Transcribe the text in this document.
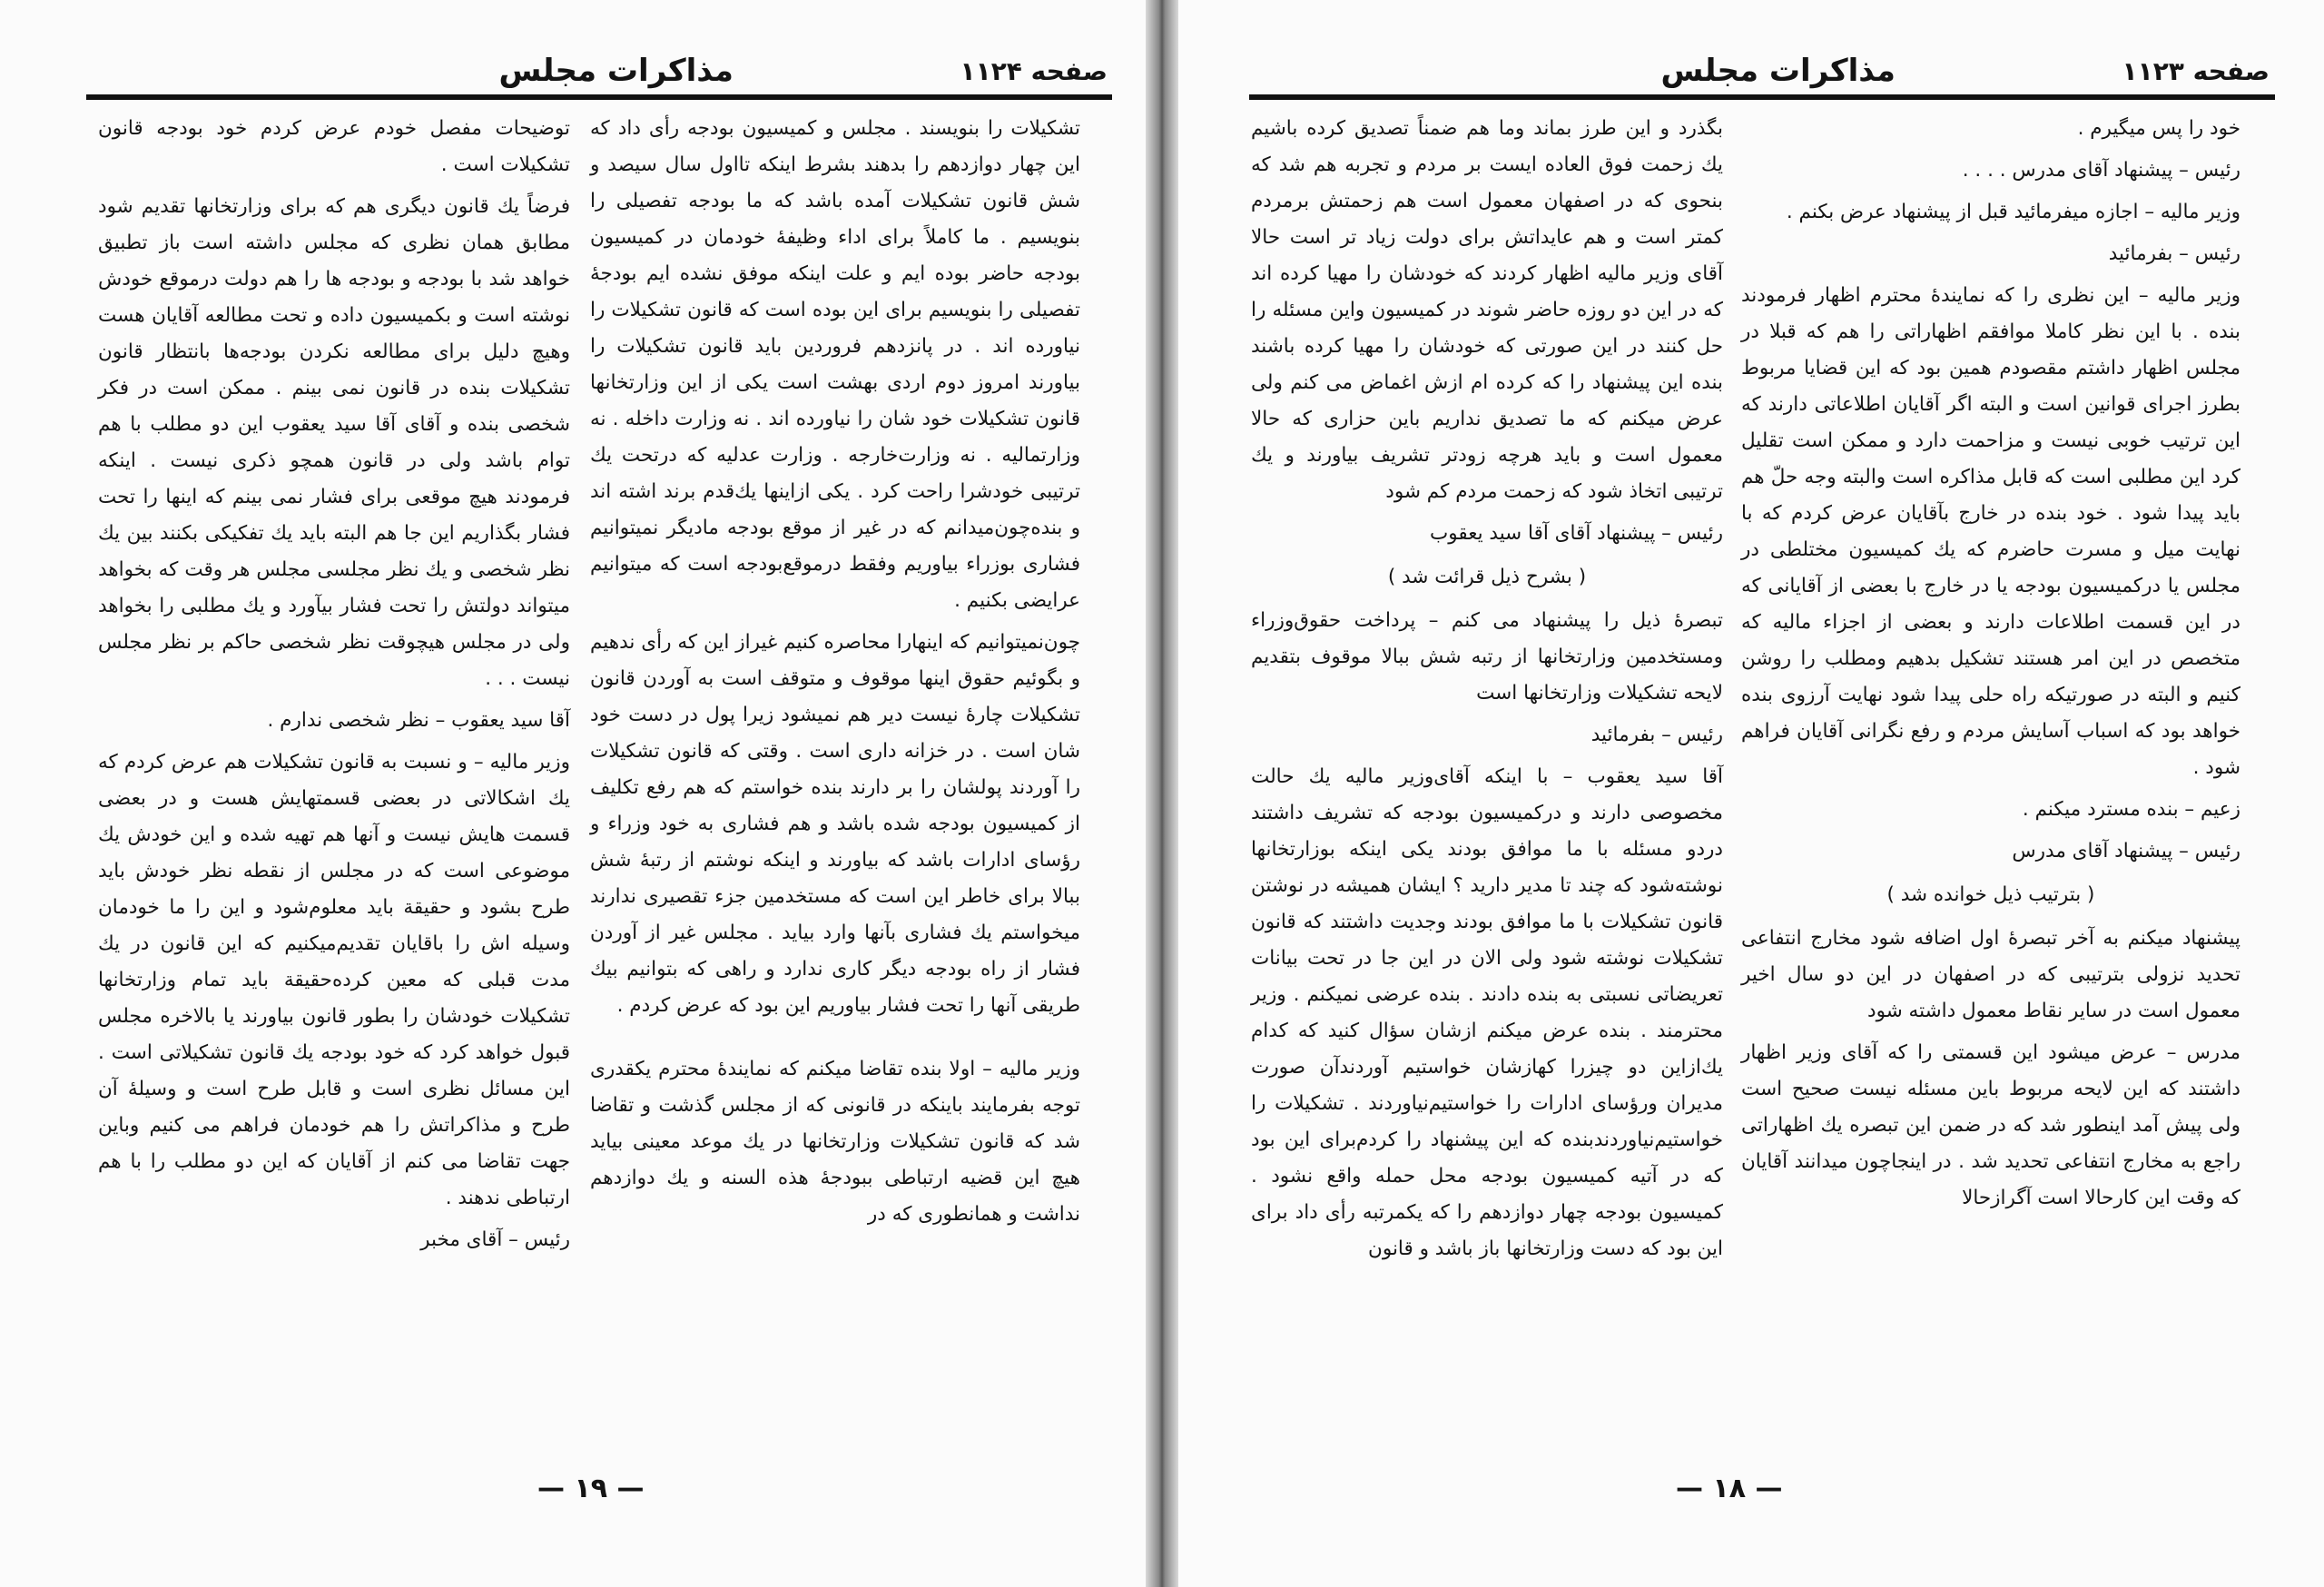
صفحه ۱۱۲۴
مذاکرات مجلس

تشکیلات را بنویسند . مجلس و کمیسیون بودجه رأی داد که این چهار دوازدهم را بدهند بشرط اینکه تااول سال سیصد و شش قانون تشکیلات آمده باشد که ما بودجه تفصیلی را بنویسیم . ما کاملاً برای اداء وظیفهٔ خودمان در کمیسیون بودجه حاضر بوده ایم و علت اینکه موفق نشده ایم بودجهٔ تفصیلی را بنویسیم برای این بوده است که قانون تشکیلات را نیاورده اند . در پانزدهم فروردین باید قانون تشکیلات را بیاورند امروز دوم اردی بهشت است یکی از این وزارتخانها قانون تشکیلات خود شان را نیاورده اند . نه وزارت داخله . نه وزارتمالیه . نه وزارت‌خارجه . وزارت عدلیه که درتحت یك ترتیبی خودشرا راحت کرد . یکی ازاینها یك‌قدم برند اشته اند و بنده‌چون‌میدانم که در غیر از موقع بودجه مادیگر نمیتوانیم فشاری بوزراء بیاوریم وفقط درموقع‌بودجه است که میتوانیم عرایضی بکنیم .

چون‌نمیتوانیم که اینهارا محاصره کنیم غیراز این که رأی ندهیم و بگوئیم حقوق اینها موقوف و متوقف است به آوردن قانون تشکیلات چارهٔ نیست دیر هم نمیشود زیرا پول در دست خود شان است . در خزانه داری است . وقتی که قانون تشکیلات را آوردند پولشان را بر دارند بنده خواستم که هم رفع تکلیف از کمیسیون بودجه شده باشد و هم فشاری به خود وزراء و رؤسای ادارات باشد که بیاورند و اینکه نوشتم از رتبهٔ شش ببالا برای خاطر این است که مستخدمین جزء تقصیری ندارند میخواستم یك فشاری بآنها وارد بیاید . مجلس غیر از آوردن فشار از راه بودجه دیگر کاری ندارد و راهی که بتوانیم بیك طریقی آنها را تحت فشار بیاوریم این بود که عرض کردم .

وزیر مالیه – اولا بنده تقاضا میکنم که نمایندهٔ محترم یکقدری توجه بفرمایند باینکه در قانونی که از مجلس گذشت و تقاضا شد که قانون تشکیلات وزارتخانها در یك موعد معینی بیاید هیچ این قضیه ارتباطی ببودجهٔ هذه السنه و یك دوازدهم نداشت و همانطوری که در

توضیحات مفصل خودم عرض کردم خود بودجه قانون تشکیلات است .

فرضاً یك قانون دیگری هم که برای وزارتخانها تقدیم شود مطابق همان نظری که مجلس داشته است باز تطبیق خواهد شد با بودجه و بودجه ها را هم دولت درموقع خودش نوشته است و بکمیسیون داده و تحت مطالعه آقایان هست وهیچ دلیل برای مطالعه نکردن بودجه‌ها بانتظار قانون تشکیلات بنده در قانون نمی بینم . ممکن است در فکر شخصی بنده و آقای آقا سید یعقوب این دو مطلب با هم توام باشد ولی در قانون همچو ذکری نیست . اینکه فرمودند هیچ موقعی برای فشار نمی بینم که اینها را تحت فشار بگذاریم این جا هم البته باید یك تفکیکی بکنند بین یك نظر شخصی و یك نظر مجلسی مجلس هر وقت که بخواهد میتواند دولتش را تحت فشار بیآورد و یك مطلبی را بخواهد ولی در مجلس هیچوقت نظر شخصی حاکم بر نظر مجلس نیست . . .

آقا سید یعقوب – نظر شخصی ندارم .

وزیر مالیه – و نسبت به قانون تشکیلات هم عرض کردم که یك اشکالاتی در بعضی قسمتهایش هست و در بعضی قسمت هایش نیست و آنها هم تهیه شده و این خودش یك موضوعی است که در مجلس از نقطه نظر خودش باید طرح بشود و حقیقة باید معلوم‌شود و این را ما خودمان وسیله اش را باقایان تقدیم‌میکنیم که این قانون در یك مدت قبلی که معین کرده‌حقیقة باید تمام وزارتخانها تشکیلات خودشان را بطور قانون بیاورند یا بالاخره مجلس قبول خواهد کرد که خود بودجه یك قانون تشکیلاتی است . این مسائل نظری است و قابل طرح است و وسیلهٔ آن طرح و مذاکراتش را هم خودمان فراهم می کنیم وباین جهت تقاضا می کنم از آقایان که این دو مطلب را با هم ارتباطی ندهند .

رئیس – آقای مخبر

— ۱۹ —
صفحه ۱۱۲۳
مذاکرات مجلس

خود را پس میگیرم .

رئیس – پیشنهاد آقای مدرس . . . .

وزیر مالیه – اجازه میفرمائید قبل از پیشنهاد عرض بکنم .

رئیس – بفرمائید

وزیر مالیه – این نظری را که نمایندهٔ محترم اظهار فرمودند بنده . با این نظر کاملا موافقم اظهاراتی را هم که قبلا در مجلس اظهار داشتم مقصودم همین بود که این قضایا مربوط بطرز اجرای قوانین است و البته اگر آقایان اطلاعاتی دارند که این ترتیب خوبی نیست و مزاحمت دارد و ممکن است تقلیل کرد این مطلبی است که قابل مذاکره است والبته وجه حلّ هم باید پیدا شود . خود بنده در خارج بآقایان عرض کردم که با نهایت میل و مسرت حاضرم که یك کمیسیون مختلطی در مجلس یا درکمیسیون بودجه یا در خارج با بعضی از آقایانی که در این قسمت اطلاعات دارند و بعضی از اجزاء مالیه که متخصص در این امر هستند تشکیل بدهیم ومطلب را روشن کنیم و البته در صورتیکه راه حلی پیدا شود نهایت آرزوی بنده خواهد بود که اسباب آسایش مردم و رفع نگرانی آقایان فراهم شود .

زعیم – بنده مسترد میکنم .

رئیس – پیشنهاد آقای مدرس

( بترتیب ذیل خوانده شد )

پیشنهاد میکنم به آخر تبصرهٔ اول اضافه شود مخارج انتفاعی تحدید نزولی بترتیبی که در اصفهان در این دو سال اخیر معمول است در سایر نقاط معمول داشته شود

مدرس – عرض میشود این قسمتی را که آقای وزیر اظهار داشتند که این لایحه مربوط باین مسئله نیست صحیح است ولی پیش آمد اینطور شد که در ضمن این تبصره یك اظهاراتی راجع به مخارج انتفاعی تحدید شد . در اینجاچون میدانند آقایان که وقت این کارحالا است آگرازحالا

بگذرد و این طرز بماند وما هم ضمناً تصدیق کرده باشیم یك زحمت فوق العاده ایست بر مردم و تجربه هم شد که بنحوی که در اصفهان معمول است هم زحمتش برمردم کمتر است و هم عایداتش برای دولت زیاد تر است حالا آقای وزیر مالیه اظهار کردند که خودشان را مهیا کرده اند که در این دو روزه حاضر شوند در کمیسیون واین مسئله را حل کنند در این صورتی که خودشان را مهیا کرده باشند بنده این پیشنهاد را که کرده ام ازش اغماض می کنم ولی عرض میکنم که ما تصدیق نداریم باین حزاری که حالا معمول است و باید هرچه زودتر تشریف بیاورند و یك ترتیبی اتخاذ شود که زحمت مردم کم شود

رئیس – پیشنهاد آقای آقا سید یعقوب

( بشرح ذیل قرائت شد )

تبصرهٔ ذیل را پیشنهاد می کنم – پرداخت حقوق‌وزراء ومستخدمین وزارتخانها از رتبه شش ببالا موقوف بتقدیم لایحه تشکیلات وزارتخانها است

رئیس – بفرمائید

آقا سید یعقوب – با اینکه آقای‌وزیر مالیه یك حالت مخصوصی دارند و درکمیسیون بودجه که تشریف داشتند دردو مسئله با ما موافق بودند یکی اینکه بوزارتخانها نوشته‌شود که چند تا مدیر دارید ؟ ایشان همیشه در نوشتن قانون تشکیلات با ما موافق بودند وجدیت داشتند که قانون تشکیلات نوشته شود ولی الان در این جا در تحت بیانات تعریضاتی نسبتی به بنده دادند . بنده عرضی نمیکنم . وزیر محترمند . بنده عرض میکنم ازشان سؤال کنید که کدام یك‌ازاین دو چیزرا کهازشان خواستیم آوردندآن صورت مدیران ورؤسای ادارات را خواستیم‌نیاوردند . تشکیلات را خواستیم‌نیاوردند‌بنده که این پیشنهاد را کردم‌برای این بود که در آتیه کمیسیون بودجه محل حمله واقع نشود . کمیسیون بودجه چهار دوازدهم را که یکمرتبه رأی داد برای این بود که دست وزارتخانها باز باشد و قانون

— ۱۸ —
